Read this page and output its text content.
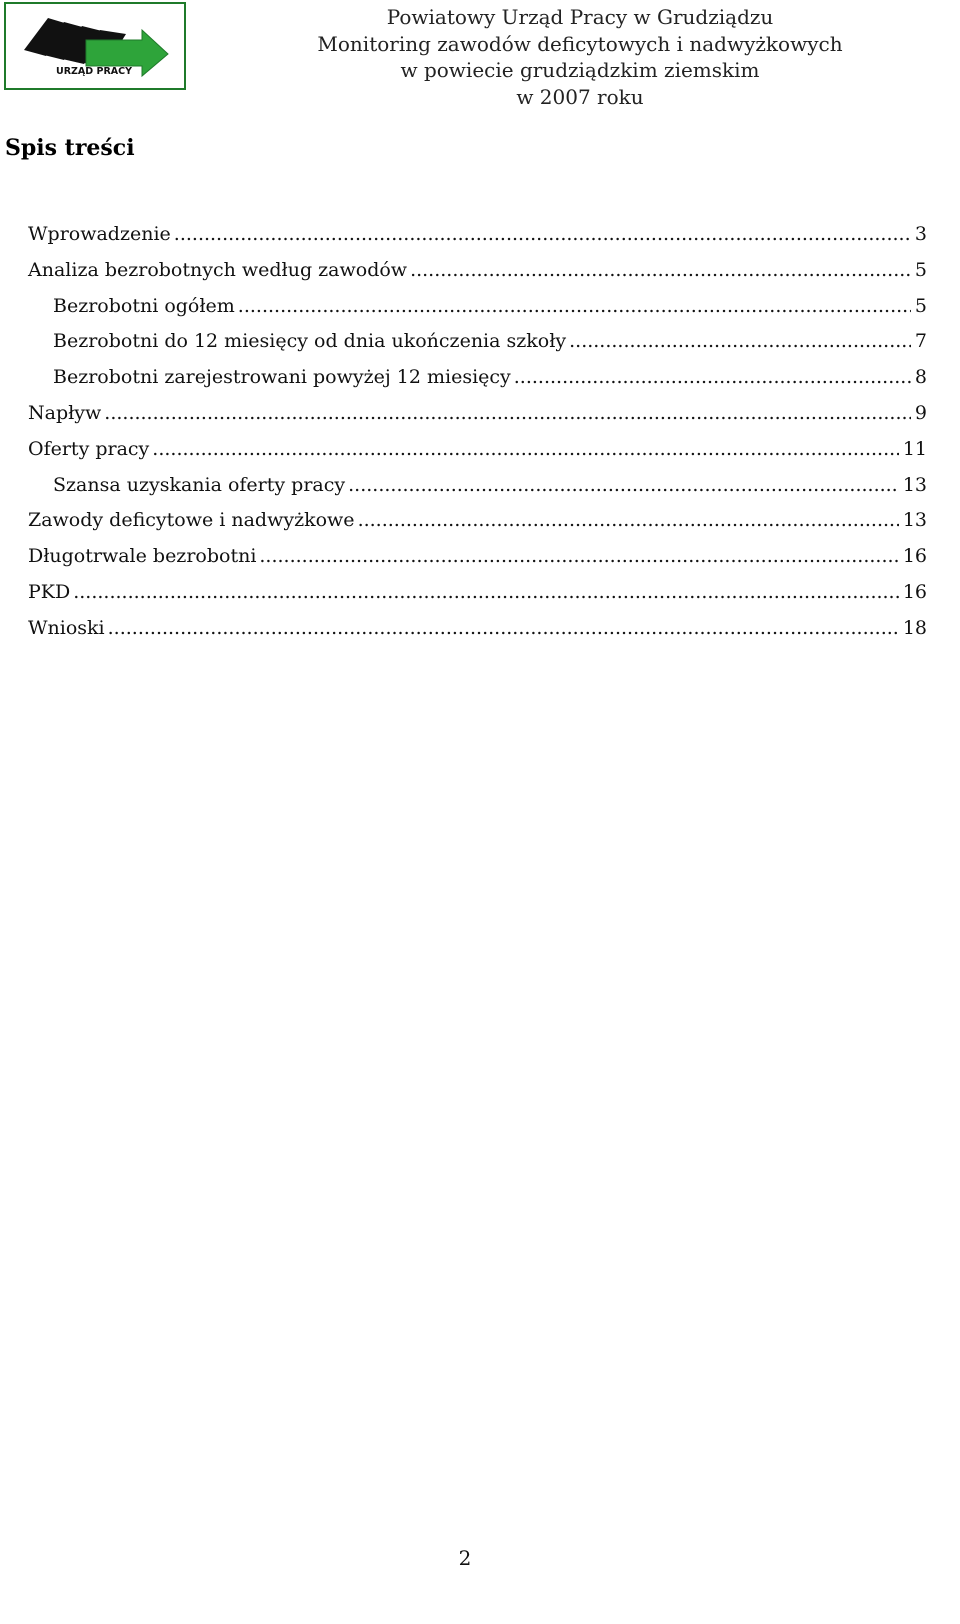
URZĄD PRACY
Powiatowy Urząd Pracy w Grudziądzu
Monitoring zawodów deficytowych i nadwyżkowych
w powiecie grudziądzkim ziemskim
w 2007 roku
Spis treści
Wprowadzenie .....	3
Analiza bezrobotnych według zawodów .....	5
Bezrobotni ogółem .....	5
Bezrobotni do 12 miesięcy od dnia ukończenia szkoły .....	7
Bezrobotni zarejestrowani powyżej 12 miesięcy .....	8
Napływ .....	9
Oferty pracy .....	11
Szansa uzyskania oferty pracy .....	13
Zawody deficytowe i nadwyżkowe .....	13
Długotrwale bezrobotni .....	16
PKD .....	16
Wnioski .....	18
2
